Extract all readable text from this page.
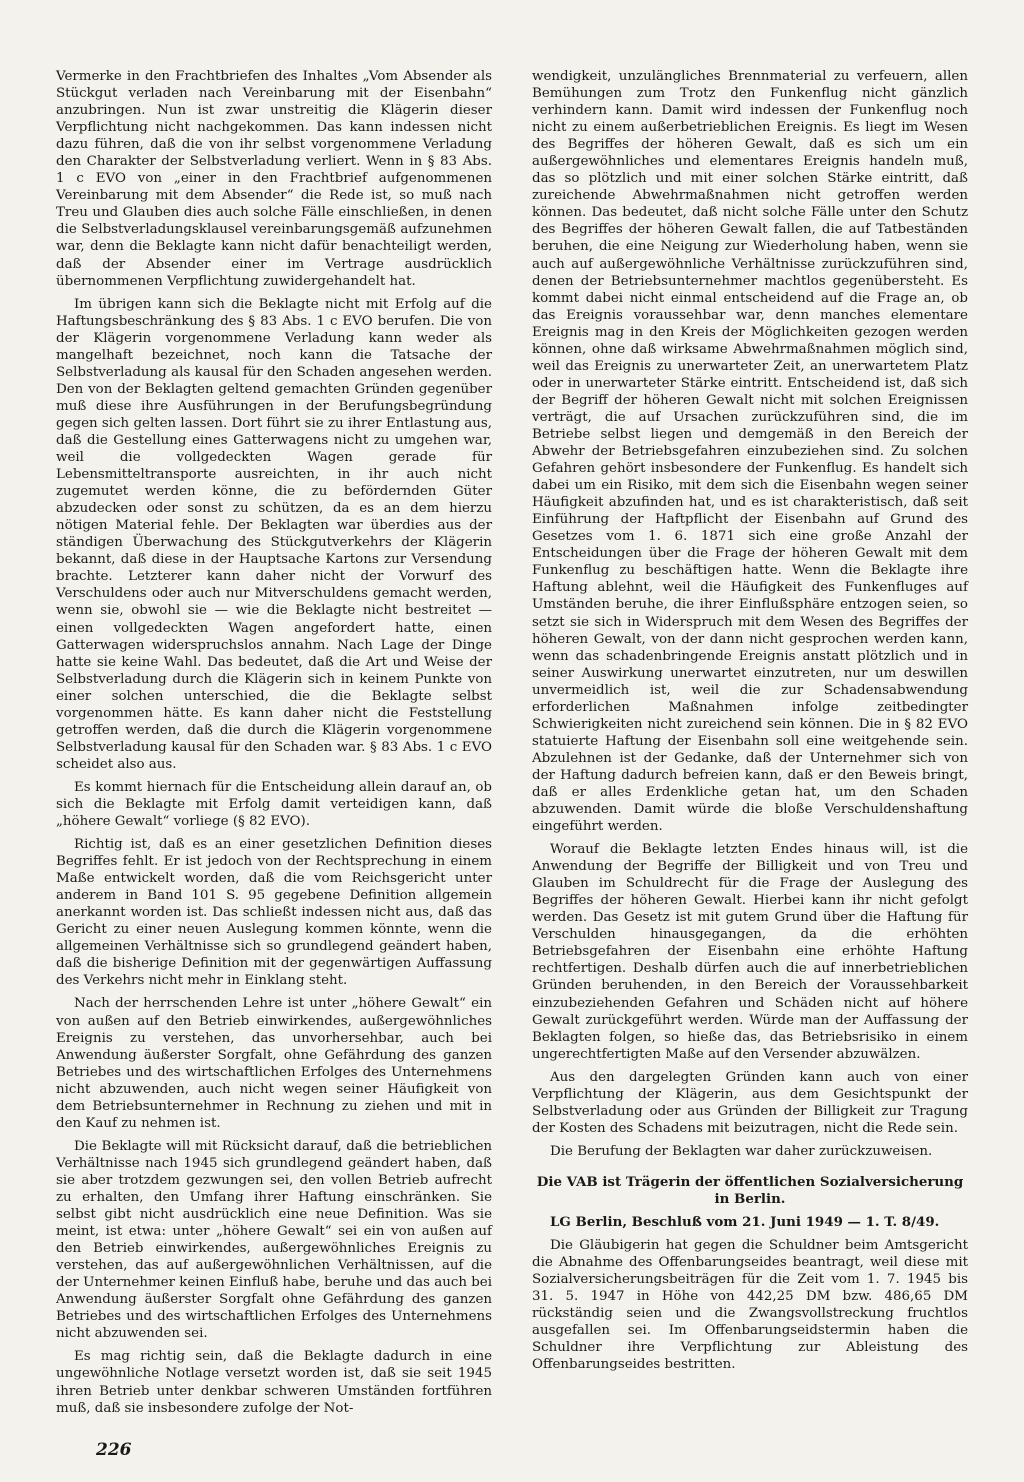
Vermerke in den Frachtbriefen des Inhaltes „Vom Absender als Stückgut verladen nach Vereinbarung mit der Eisenbahn“ anzubringen. Nun ist zwar unstreitig die Klägerin dieser Verpflichtung nicht nachgekommen. Das kann indessen nicht dazu führen, daß die von ihr selbst vorgenommene Verladung den Charakter der Selbstverladung verliert. Wenn in § 83 Abs. 1 c EVO von „einer in den Frachtbrief aufgenommenen Vereinbarung mit dem Absender“ die Rede ist, so muß nach Treu und Glauben dies auch solche Fälle einschließen, in denen die Selbstverladungsklausel vereinbarungsgemäß aufzunehmen war, denn die Beklagte kann nicht dafür benachteiligt werden, daß der Absender einer im Vertrage ausdrücklich übernommenen Verpflichtung zuwidergehandelt hat.

Im übrigen kann sich die Beklagte nicht mit Erfolg auf die Haftungsbeschränkung des § 83 Abs. 1 c EVO berufen. Die von der Klägerin vorgenommene Verladung kann weder als mangelhaft bezeichnet, noch kann die Tatsache der Selbstverladung als kausal für den Schaden angesehen werden. Den von der Beklagten geltend gemachten Gründen gegenüber muß diese ihre Ausführungen in der Berufungsbegründung gegen sich gelten lassen. Dort führt sie zu ihrer Entlastung aus, daß die Gestellung eines Gatterwagens nicht zu umgehen war, weil die vollgedeckten Wagen gerade für Lebensmitteltransporte ausreichten, in ihr auch nicht zugemutet werden könne, die zu befördernden Güter abzudecken oder sonst zu schützen, da es an dem hierzu nötigen Material fehle. Der Beklagten war überdies aus der ständigen Überwachung des Stückgutverkehrs der Klägerin bekannt, daß diese in der Hauptsache Kartons zur Versendung brachte. Letzterer kann daher nicht der Vorwurf des Verschuldens oder auch nur Mitverschuldens gemacht werden, wenn sie, obwohl sie — wie die Beklagte nicht bestreitet — einen vollgedeckten Wagen angefordert hatte, einen Gatterwagen widerspruchslos annahm. Nach Lage der Dinge hatte sie keine Wahl. Das bedeutet, daß die Art und Weise der Selbstverladung durch die Klägerin sich in keinem Punkte von einer solchen unterschied, die die Beklagte selbst vorgenommen hätte. Es kann daher nicht die Feststellung getroffen werden, daß die durch die Klägerin vorgenommene Selbstverladung kausal für den Schaden war. § 83 Abs. 1 c EVO scheidet also aus.

Es kommt hiernach für die Entscheidung allein darauf an, ob sich die Beklagte mit Erfolg damit verteidigen kann, daß „höhere Gewalt“ vorliege (§ 82 EVO).

Richtig ist, daß es an einer gesetzlichen Definition dieses Begriffes fehlt. Er ist jedoch von der Rechtsprechung in einem Maße entwickelt worden, daß die vom Reichsgericht unter anderem in Band 101 S. 95 gegebene Definition allgemein anerkannt worden ist. Das schließt indessen nicht aus, daß das Gericht zu einer neuen Auslegung kommen könnte, wenn die allgemeinen Verhältnisse sich so grundlegend geändert haben, daß die bisherige Definition mit der gegenwärtigen Auffassung des Verkehrs nicht mehr in Einklang steht.

Nach der herrschenden Lehre ist unter „höhere Gewalt“ ein von außen auf den Betrieb einwirkendes, außergewöhnliches Ereignis zu verstehen, das unvorhersehbar, auch bei Anwendung äußerster Sorgfalt, ohne Gefährdung des ganzen Betriebes und des wirtschaftlichen Erfolges des Unternehmens nicht abzuwenden, auch nicht wegen seiner Häufigkeit von dem Betriebsunternehmer in Rechnung zu ziehen und mit in den Kauf zu nehmen ist.

Die Beklagte will mit Rücksicht darauf, daß die betrieblichen Verhältnisse nach 1945 sich grundlegend geändert haben, daß sie aber trotzdem gezwungen sei, den vollen Betrieb aufrecht zu erhalten, den Umfang ihrer Haftung einschränken. Sie selbst gibt nicht ausdrücklich eine neue Definition. Was sie meint, ist etwa: unter „höhere Gewalt“ sei ein von außen auf den Betrieb einwirkendes, außergewöhnliches Ereignis zu verstehen, das auf außergewöhnlichen Verhältnissen, auf die der Unternehmer keinen Einfluß habe, beruhe und das auch bei Anwendung äußerster Sorgfalt ohne Gefährdung des ganzen Betriebes und des wirtschaftlichen Erfolges des Unternehmens nicht abzuwenden sei.

Es mag richtig sein, daß die Beklagte dadurch in eine ungewöhnliche Notlage versetzt worden ist, daß sie seit 1945 ihren Betrieb unter denkbar schweren Umständen fortführen muß, daß sie insbesondere zufolge der Not-

wendigkeit, unzulängliches Brennmaterial zu verfeuern, allen Bemühungen zum Trotz den Funkenflug nicht gänzlich verhindern kann. Damit wird indessen der Funkenflug noch nicht zu einem außerbetrieblichen Ereignis. Es liegt im Wesen des Begriffes der höheren Gewalt, daß es sich um ein außergewöhnliches und elementares Ereignis handeln muß, das so plötzlich und mit einer solchen Stärke eintritt, daß zureichende Abwehrmaßnahmen nicht getroffen werden können. Das bedeutet, daß nicht solche Fälle unter den Schutz des Begriffes der höheren Gewalt fallen, die auf Tatbeständen beruhen, die eine Neigung zur Wiederholung haben, wenn sie auch auf außergewöhnliche Verhältnisse zurückzuführen sind, denen der Betriebsunternehmer machtlos gegenübersteht. Es kommt dabei nicht einmal entscheidend auf die Frage an, ob das Ereignis voraussehbar war, denn manches elementare Ereignis mag in den Kreis der Möglichkeiten gezogen werden können, ohne daß wirksame Abwehrmaßnahmen möglich sind, weil das Ereignis zu unerwarteter Zeit, an unerwartetem Platz oder in unerwarteter Stärke eintritt. Entscheidend ist, daß sich der Begriff der höheren Gewalt nicht mit solchen Ereignissen verträgt, die auf Ursachen zurückzuführen sind, die im Betriebe selbst liegen und demgemäß in den Bereich der Abwehr der Betriebsgefahren einzubeziehen sind. Zu solchen Gefahren gehört insbesondere der Funkenflug. Es handelt sich dabei um ein Risiko, mit dem sich die Eisenbahn wegen seiner Häufigkeit abzufinden hat, und es ist charakteristisch, daß seit Einführung der Haftpflicht der Eisenbahn auf Grund des Gesetzes vom 1. 6. 1871 sich eine große Anzahl der Entscheidungen über die Frage der höheren Gewalt mit dem Funkenflug zu beschäftigen hatte. Wenn die Beklagte ihre Haftung ablehnt, weil die Häufigkeit des Funkenfluges auf Umständen beruhe, die ihrer Einflußsphäre entzogen seien, so setzt sie sich in Widerspruch mit dem Wesen des Begriffes der höheren Gewalt, von der dann nicht gesprochen werden kann, wenn das schadenbringende Ereignis anstatt plötzlich und in seiner Auswirkung unerwartet einzutreten, nur um deswillen unvermeidlich ist, weil die zur Schadensabwendung erforderlichen Maßnahmen infolge zeitbedingter Schwierigkeiten nicht zureichend sein können. Die in § 82 EVO statuierte Haftung der Eisenbahn soll eine weitgehende sein. Abzulehnen ist der Gedanke, daß der Unternehmer sich von der Haftung dadurch befreien kann, daß er den Beweis bringt, daß er alles Erdenkliche getan hat, um den Schaden abzuwenden. Damit würde die bloße Verschuldenshaftung eingeführt werden.

Worauf die Beklagte letzten Endes hinaus will, ist die Anwendung der Begriffe der Billigkeit und von Treu und Glauben im Schuldrecht für die Frage der Auslegung des Begriffes der höheren Gewalt. Hierbei kann ihr nicht gefolgt werden. Das Gesetz ist mit gutem Grund über die Haftung für Verschulden hinausgegangen, da die erhöhten Betriebsgefahren der Eisenbahn eine erhöhte Haftung rechtfertigen. Deshalb dürfen auch die auf innerbetrieblichen Gründen beruhenden, in den Bereich der Voraussehbarkeit einzubeziehenden Gefahren und Schäden nicht auf höhere Gewalt zurückgeführt werden. Würde man der Auffassung der Beklagten folgen, so hieße das, das Betriebsrisiko in einem ungerechtfertigten Maße auf den Versender abzuwälzen.

Aus den dargelegten Gründen kann auch von einer Verpflichtung der Klägerin, aus dem Gesichtspunkt der Selbstverladung oder aus Gründen der Billigkeit zur Tragung der Kosten des Schadens mit beizutragen, nicht die Rede sein.

Die Berufung der Beklagten war daher zurückzuweisen.

Die VAB ist Trägerin der öffentlichen Sozialversicherung in Berlin.

LG Berlin, Beschluß vom 21. Juni 1949 — 1. T. 8/49.

Die Gläubigerin hat gegen die Schuldner beim Amtsgericht die Abnahme des Offenbarungseides beantragt, weil diese mit Sozialversicherungsbeiträgen für die Zeit vom 1. 7. 1945 bis 31. 5. 1947 in Höhe von 442,25 DM bzw. 486,65 DM rückständig seien und die Zwangsvollstreckung fruchtlos ausgefallen sei. Im Offenbarungseidstermin haben die Schuldner ihre Verpflichtung zur Ableistung des Offenbarungseides bestritten.

226
